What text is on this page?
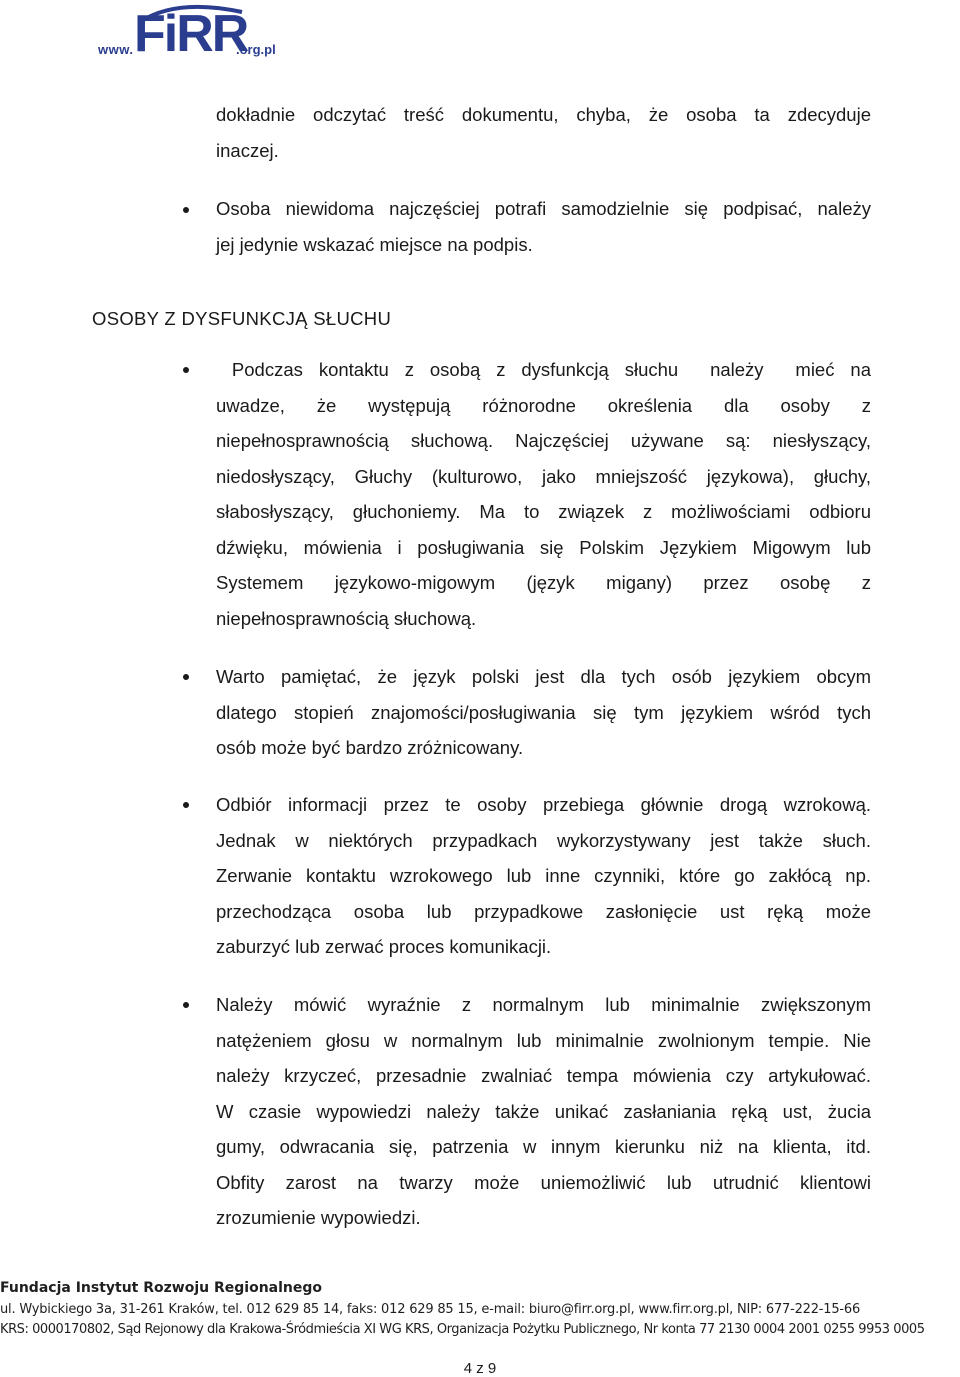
www. FiRR
.org.pl
dokładnie odczytać treść dokumentu, chyba, że osoba ta zdecyduje
inaczej.
Osoba niewidoma najczęściej potrafi samodzielnie się podpisać, należy
jej jedynie wskazać miejsce na podpis.
OSOBY Z DYSFUNKCJĄ SŁUCHU
Podczas kontaktu z osobą z dysfunkcją słuchu  należy  mieć na
uwadze, że występują różnorodne określenia dla osoby z
niepełnosprawnością słuchową. Najczęściej używane są: niesłyszący,
niedosłyszący, Głuchy (kulturowo, jako mniejszość językowa), głuchy,
słabosłyszący, głuchoniemy. Ma to związek z możliwościami odbioru
dźwięku, mówienia i posługiwania się Polskim Językiem Migowym lub
Systemem językowo-migowym (język migany) przez osobę z
niepełnosprawnością słuchową.
Warto pamiętać, że język polski jest dla tych osób językiem obcym
dlatego stopień znajomości/posługiwania się tym językiem wśród tych
osób może być bardzo zróżnicowany.
Odbiór informacji przez te osoby przebiega głównie drogą wzrokową.
Jednak w niektórych przypadkach wykorzystywany jest także słuch.
Zerwanie kontaktu wzrokowego lub inne czynniki, które go zakłócą np.
przechodząca osoba lub przypadkowe zasłonięcie ust ręką może
zaburzyć lub zerwać proces komunikacji.
Należy mówić wyraźnie z normalnym lub minimalnie zwiększonym
natężeniem głosu w normalnym lub minimalnie zwolnionym tempie. Nie
należy krzyczeć, przesadnie zwalniać tempa mówienia czy artykułować.
W czasie wypowiedzi należy także unikać zasłaniania ręką ust, żucia
gumy, odwracania się, patrzenia w innym kierunku niż na klienta, itd.
Obfity zarost na twarzy może uniemożliwić lub utrudnić klientowi
zrozumienie wypowiedzi.
Fundacja Instytut Rozwoju Regionalnego
ul. Wybickiego 3a, 31-261 Kraków, tel. 012 629 85 14, faks: 012 629 85 15, e-mail: biuro@firr.org.pl, www.firr.org.pl, NIP: 677-222-15-66
KRS: 0000170802, Sąd Rejonowy dla Krakowa-Śródmieścia XI WG KRS, Organizacja Pożytku Publicznego, Nr konta 77 2130 0004 2001 0255 9953 0005
4 z 9
